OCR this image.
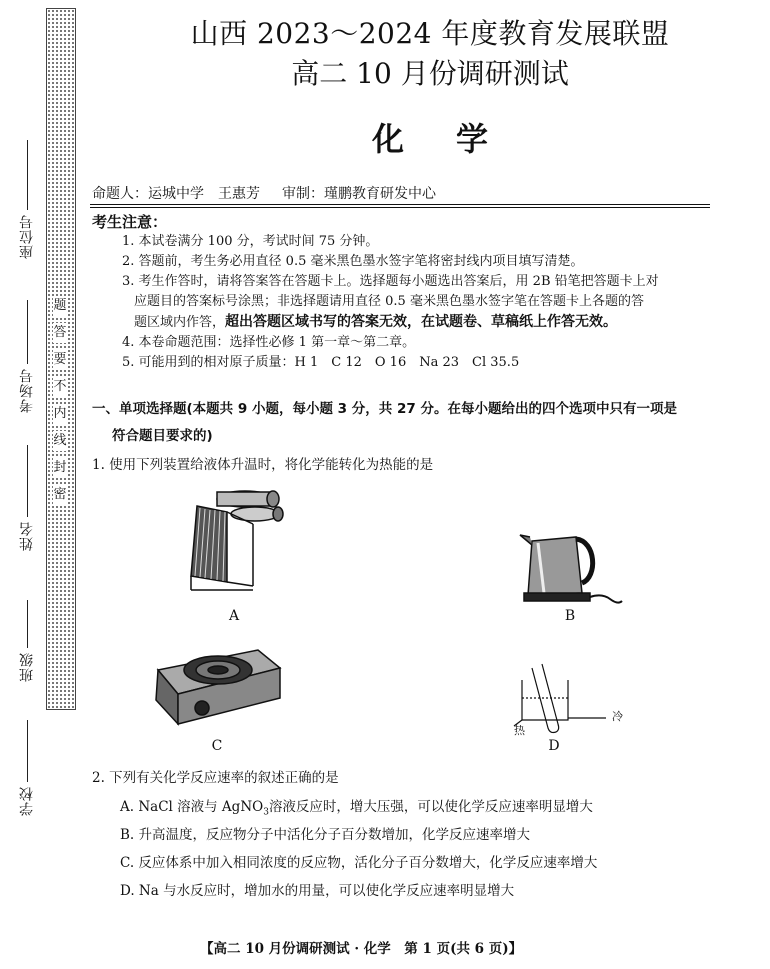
题
答
要
不
内
线
封
密
座位号
考场号
姓名
班级
学校
山西 2023～2024 年度教育发展联盟
高二 10 月份调研测试
化学
命题人：运城中学　王惠芳 审制：瑾鹏教育研发中心
考生注意：
1. 本试卷满分 100 分，考试时间 75 分钟。
2. 答题前，考生务必用直径 0.5 毫米黑色墨水签字笔将密封线内项目填写清楚。
3. 考生作答时，请将答案答在答题卡上。选择题每小题选出答案后，用 2B 铅笔把答题卡上对
应题目的答案标号涂黑；非选择题请用直径 0.5 毫米黑色墨水签字笔在答题卡上各题的答
题区域内作答，超出答题区域书写的答案无效，在试题卷、草稿纸上作答无效。
4. 本卷命题范围：选择性必修 1 第一章～第二章。
5. 可能用到的相对原子质量：H 1　C 12　O 16　Na 23　Cl 35.5
一、单项选择题(本题共 9 小题，每小题 3 分，共 27 分。在每小题给出的四个选项中只有一项是
符合题目要求的)
1. 使用下列装置给液体升温时，将化学能转化为热能的是
A	B
C
冷
热
D
2. 下列有关化学反应速率的叙述正确的是
A. NaCl 溶液与 AgNO$_3$溶液反应时，增大压强，可以使化学反应速率明显增大
B. 升高温度，反应物分子中活化分子百分数增加，化学反应速率增大
C. 反应体系中加入相同浓度的反应物，活化分子百分数增大，化学反应速率增大
D. Na 与水反应时，增加水的用量，可以使化学反应速率明显增大
【高二 10 月份调研测试 · 化学　第 1 页(共 6 页)】
